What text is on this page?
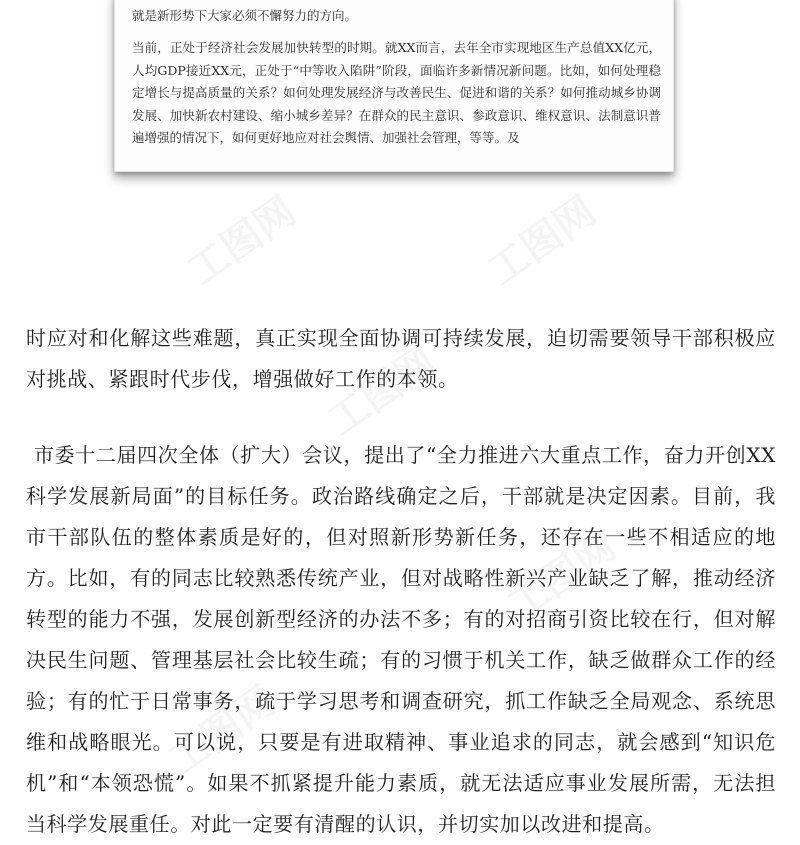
就是新形势下大家必须不懈努力的方向。

当前，正处于经济社会发展加快转型的时期。就XX而言，去年全市实现地区生产总值XX亿元，人均GDP接近XX元，正处于“中等收入陷阱”阶段，面临许多新情况新问题。比如，如何处理稳定增长与提高质量的关系？如何处理发展经济与改善民生、促进和谐的关系？如何推动城乡协调发展、加快新农村建设、缩小城乡差异？在群众的民主意识、参政意识、维权意识、法制意识普遍增强的情况下，如何更好地应对社会舆情、加强社会管理，等等。及

时应对和化解这些难题，真正实现全面协调可持续发展，迫切需要领导干部积极应对挑战、紧跟时代步伐，增强做好工作的本领。

市委十二届四次全体（扩大）会议，提出了“全力推进六大重点工作，奋力开创XX科学发展新局面”的目标任务。政治路线确定之后，干部就是决定因素。目前，我市干部队伍的整体素质是好的，但对照新形势新任务，还存在一些不相适应的地方。比如，有的同志比较熟悉传统产业，但对战略性新兴产业缺乏了解，推动经济转型的能力不强，发展创新型经济的办法不多；有的对招商引资比较在行，但对解决民生问题、管理基层社会比较生疏；有的习惯于机关工作，缺乏做群众工作的经验；有的忙于日常事务，疏于学习思考和调查研究，抓工作缺乏全局观念、系统思维和战略眼光。可以说，只要是有进取精神、事业追求的同志，就会感到“知识危机”和“本领恐慌”。如果不抓紧提升能力素质，就无法适应事业发展所需，无法担当科学发展重任。对此一定要有清醒的认识，并切实加以改进和提高。
